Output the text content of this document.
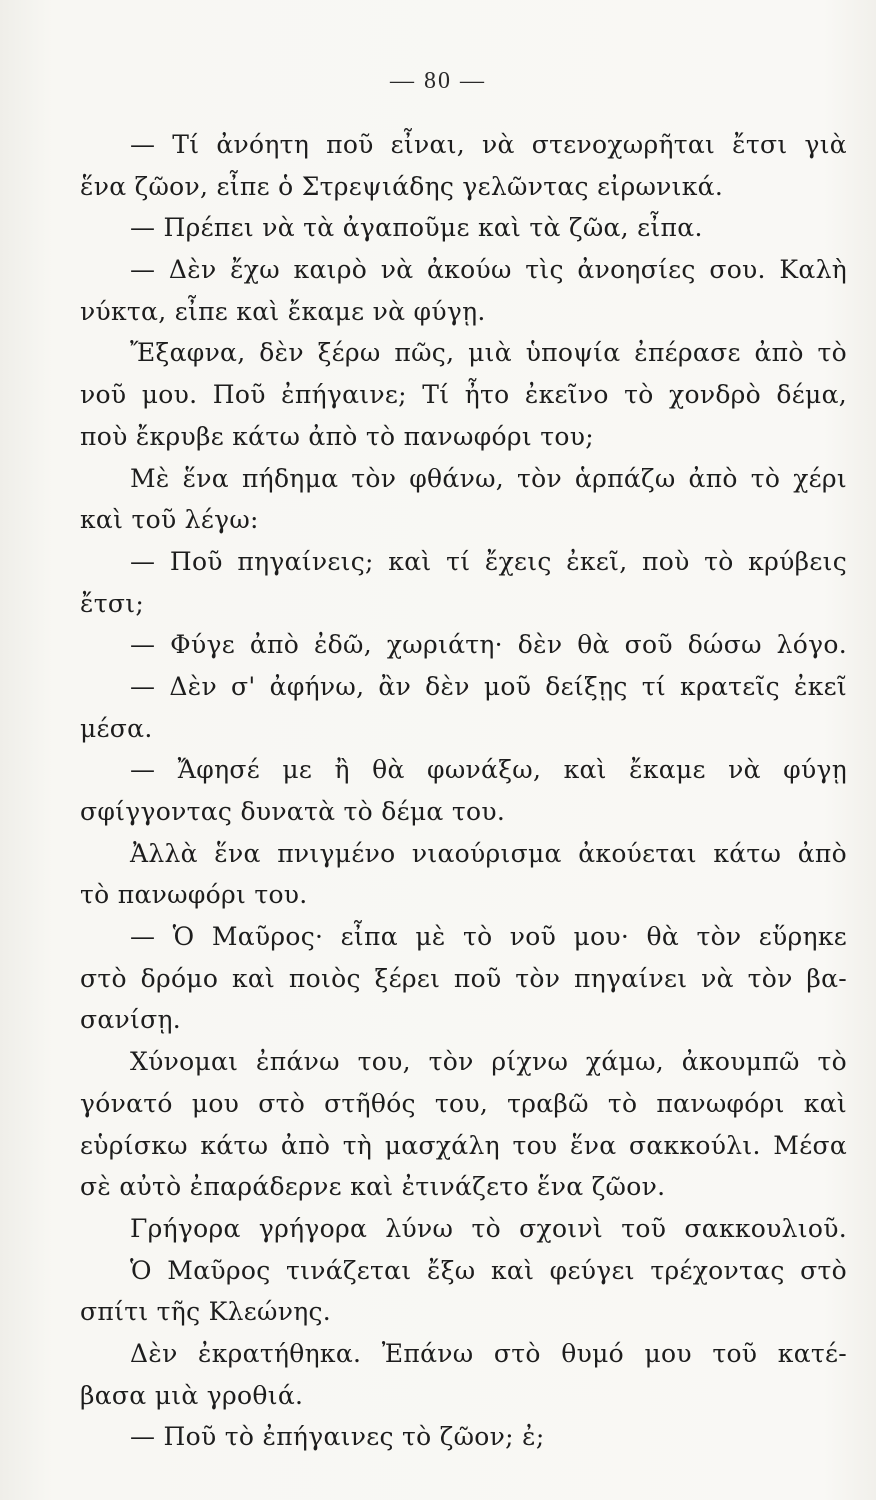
— 80 —
— Τί ἀνόητη ποῦ εἶναι, νὰ στενοχωρῆται ἔτσι γιὰ
ἕνα ζῶον, εἶπε ὁ Στρεψιάδης γελῶντας εἰρωνικά.
— Πρέπει νὰ τὰ ἀγαποῦμε καὶ τὰ ζῶα, εἶπα.
— Δὲν ἔχω καιρὸ νὰ ἀκούω τὶς ἀνοησίες σου. Καλὴ
νύκτα, εἶπε καὶ ἔκαμε νὰ φύγῃ.
Ἔξαφνα, δὲν ξέρω πῶς, μιὰ ὑποψία ἐπέρασε ἀπὸ τὸ
νοῦ μου. Ποῦ ἐπήγαινε; Τί ἦτο ἐκεῖνο τὸ χονδρὸ δέμα,
ποὺ ἔκρυβε κάτω ἀπὸ τὸ πανωφόρι του;
Μὲ ἕνα πήδημα τὸν φθάνω, τὸν ἁρπάζω ἀπὸ τὸ χέρι
καὶ τοῦ λέγω:
— Ποῦ πηγαίνεις; καὶ τί ἔχεις ἐκεῖ, ποὺ τὸ κρύβεις
ἔτσι;
— Φύγε ἀπὸ ἐδῶ, χωριάτη· δὲν θὰ σοῦ δώσω λόγο.
— Δὲν σ' ἀφήνω, ἂν δὲν μοῦ δείξῃς τί κρατεῖς ἐκεῖ
μέσα.
— Ἄφησέ με ἢ θὰ φωνάξω, καὶ ἔκαμε νὰ φύγῃ
σφίγγοντας δυνατὰ τὸ δέμα του.
Ἀλλὰ ἕνα πνιγμένο νιαούρισμα ἀκούεται κάτω ἀπὸ
τὸ πανωφόρι του.
— Ὁ Μαῦρος· εἶπα μὲ τὸ νοῦ μου· θὰ τὸν εὕρηκε
στὸ δρόμο καὶ ποιὸς ξέρει ποῦ τὸν πηγαίνει νὰ τὸν βα-
σανίσῃ.
Χύνομαι ἐπάνω του, τὸν ρίχνω χάμω, ἀκουμπῶ τὸ
γόνατό μου στὸ στῆθός του, τραβῶ τὸ πανωφόρι καὶ
εὑρίσκω κάτω ἀπὸ τὴ μασχάλη του ἕνα σακκούλι. Μέσα
σὲ αὐτὸ ἐπαράδερνε καὶ ἐτινάζετο ἕνα ζῶον.
Γρήγορα γρήγορα λύνω τὸ σχοινὶ τοῦ σακκουλιοῦ.
Ὁ Μαῦρος τινάζεται ἔξω καὶ φεύγει τρέχοντας στὸ
σπίτι τῆς Κλεώνης.
Δὲν ἐκρατήθηκα. Ἐπάνω στὸ θυμό μου τοῦ κατέ-
βασα μιὰ γροθιά.
— Ποῦ τὸ ἐπήγαινες τὸ ζῶον; ἐ;
